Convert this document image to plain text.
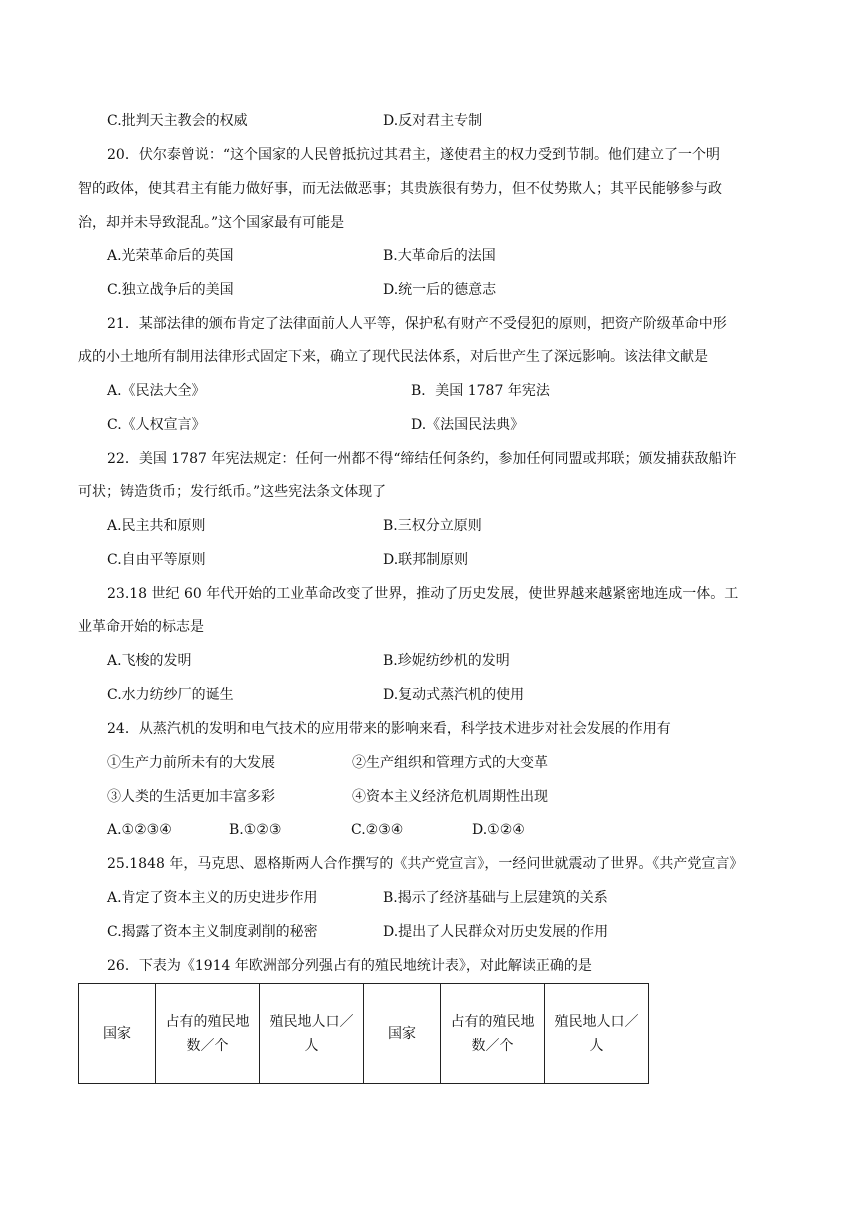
C.批判天主教会的权威	D.反对君主专制
20．伏尔泰曾说：“这个国家的人民曾抵抗过其君主，遂使君主的权力受到节制。他们建立了一个明
智的政体，使其君主有能力做好事，而无法做恶事；其贵族很有势力，但不仗势欺人；其平民能够参与政
治，却并未导致混乱。”这个国家最有可能是
A.光荣革命后的英国	B.大革命后的法国
C.独立战争后的美国	D.统一后的德意志
21．某部法律的颁布肯定了法律面前人人平等，保护私有财产不受侵犯的原则，把资产阶级革命中形
成的小土地所有制用法律形式固定下来，确立了现代民法体系，对后世产生了深远影响。该法律文献是
A.《民法大全》	B．美国 1787 年宪法
C.《人权宣言》	D.《法国民法典》
22．美国 1787 年宪法规定：任何一州都不得“缔结任何条约，参加任何同盟或邦联；颁发捕获敌船许
可状；铸造货币；发行纸币。”这些宪法条文体现了
A.民主共和原则	B.三权分立原则
C.自由平等原则	D.联邦制原则
23.18 世纪 60 年代开始的工业革命改变了世界，推动了历史发展，使世界越来越紧密地连成一体。工
业革命开始的标志是
A.飞梭的发明	B.珍妮纺纱机的发明
C.水力纺纱厂的诞生	D.复动式蒸汽机的使用
24．从蒸汽机的发明和电气技术的应用带来的影响来看，科学技术进步对社会发展的作用有
①生产力前所未有的大发展	②生产组织和管理方式的大变革
③人类的生活更加丰富多彩	④资本主义经济危机周期性出现
A.①②③④	B.①②③	C.②③④	D.①②④
25.1848 年，马克思、恩格斯两人合作撰写的《共产党宣言》，一经问世就震动了世界。《共产党宣言》
A.肯定了资本主义的历史进步作用	B.揭示了经济基础与上层建筑的关系
C.揭露了资本主义制度剥削的秘密	D.提出了人民群众对历史发展的作用
26．下表为《1914 年欧洲部分列强占有的殖民地统计表》，对此解读正确的是
国家	占有的殖民地数／个	殖民地人口／人	国家	占有的殖民地数／个	殖民地人口／人
